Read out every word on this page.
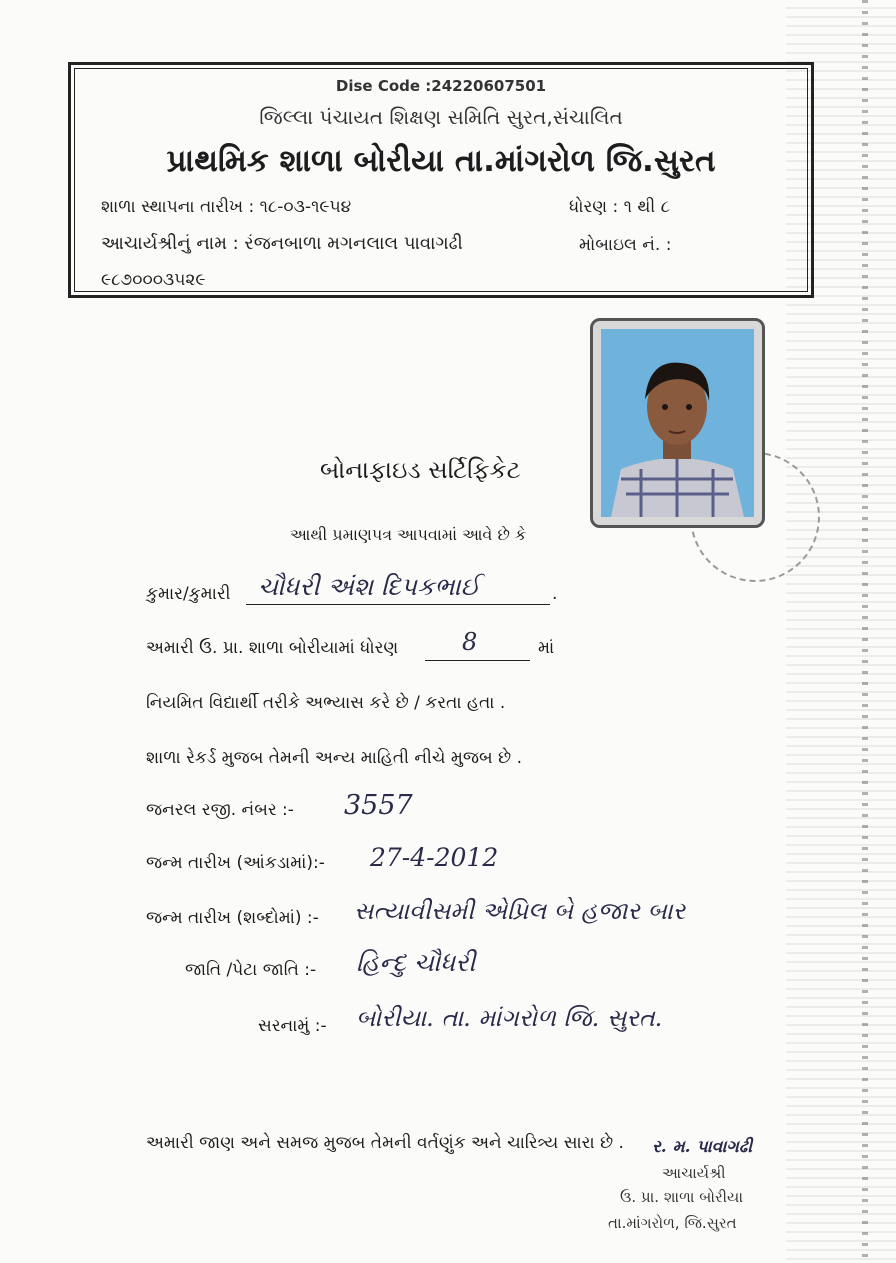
Dise Code :24220607501
જિલ્લા પંચાયત શિક્ષણ સમિતિ સુરત,સંચાલિત
પ્રાથમિક શાળા બોરીયા તા.માંગરોળ જિ.સુરત
શાળા સ્થાપના તારીખ : ૧૮-૦૩-૧૯૫૪	ધોરણ : ૧ થી ૮
આચાર્યશ્રીનું નામ : રંજનબાળા મગનલાલ પાવાગઢી	મોબાઇલ નં. :
૯૮૭૦૦૦૩૫૨૯
બોનાફાઇડ સર્ટિફિકેટ
આથી પ્રમાણપત્ર આપવામાં આવે છે કે
કુમાર/કુમારી ચૌધરી અંશ દિપકભાઈ	.
અમારી ઉ. પ્રા. શાળા બોરીયામાં ધોરણ	8	માં
નિયમિત વિદ્યાર્થી તરીકે અભ્યાસ કરે છે / કરતા હતા .
શાળા રેકર્ડ મુજબ તેમની અન્ય માહિતી નીચે મુજબ છે .
જનરલ રજી. નંબર :- 3557
જન્મ તારીખ (આંકડામાં):- 27-4-2012
જન્મ તારીખ (શબ્દોમાં) :- સત્યાવીસમી એપ્રિલ બે હજાર બાર
જાતિ /પેટા જાતિ :- હિન્દુ ચૌધરી
સરનામું :- બોરીયા. તા. માંગરોળ જિ. સુરત.
અમારી જાણ અને સમજ મુજબ તેમની વર્તણુંક અને ચારિત્ર્ય સારા છે . ર. મ. પાવાગઢી
આચાર્યશ્રી
ઉ. પ્રા. શાળા બોરીયા
તા.માંગરોળ, જિ.સુરત
